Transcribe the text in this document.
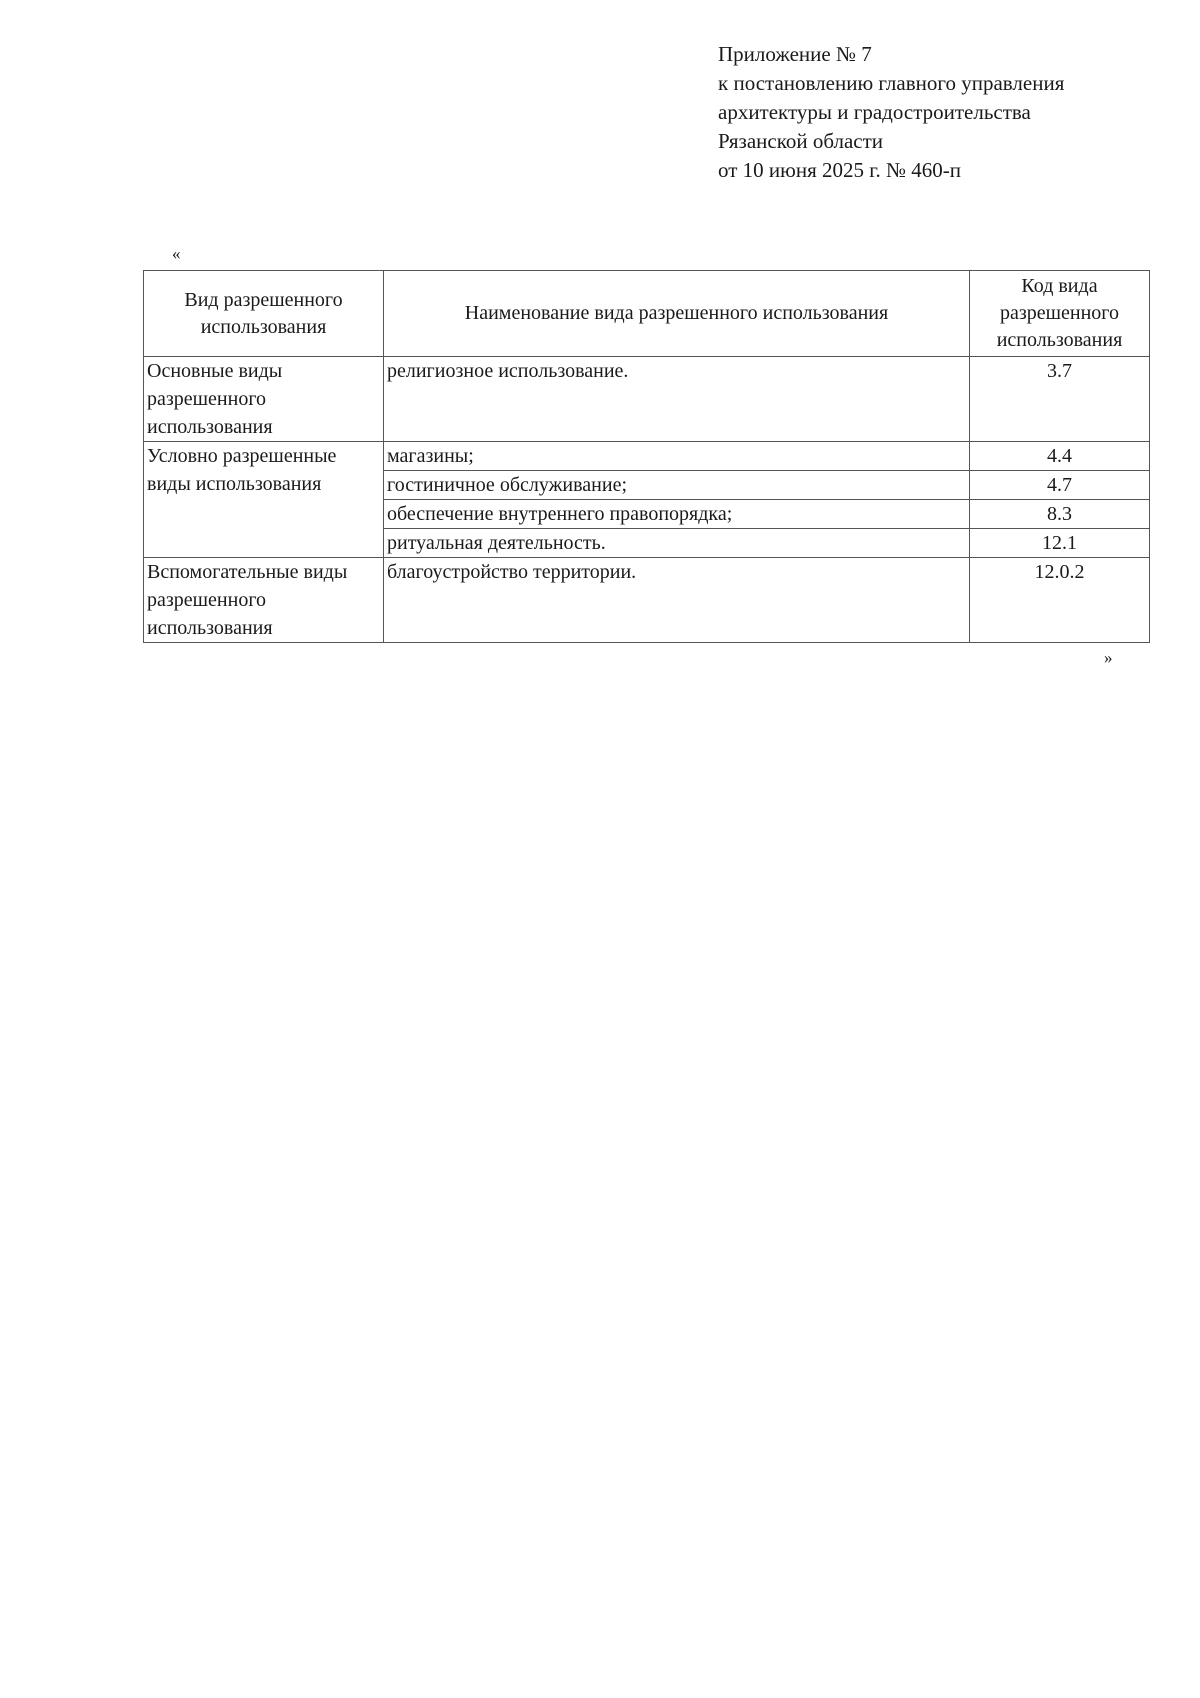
Приложение № 7
к постановлению главного управления
архитектуры и градостроительства
Рязанской области
от 10 июня 2025 г. № 460-п
«
Вид разрешенного использования	Наименование вида разрешенного использования	Код вида разрешенного использования
Основные виды разрешенного использования	религиозное использование.	3.7
Условно разрешенные виды использования	магазины;	4.4
	гостиничное обслуживание;	4.7
	обеспечение внутреннего правопорядка;	8.3
	ритуальная деятельность.	12.1
Вспомогательные виды разрешенного использования	благоустройство территории.	12.0.2
»
